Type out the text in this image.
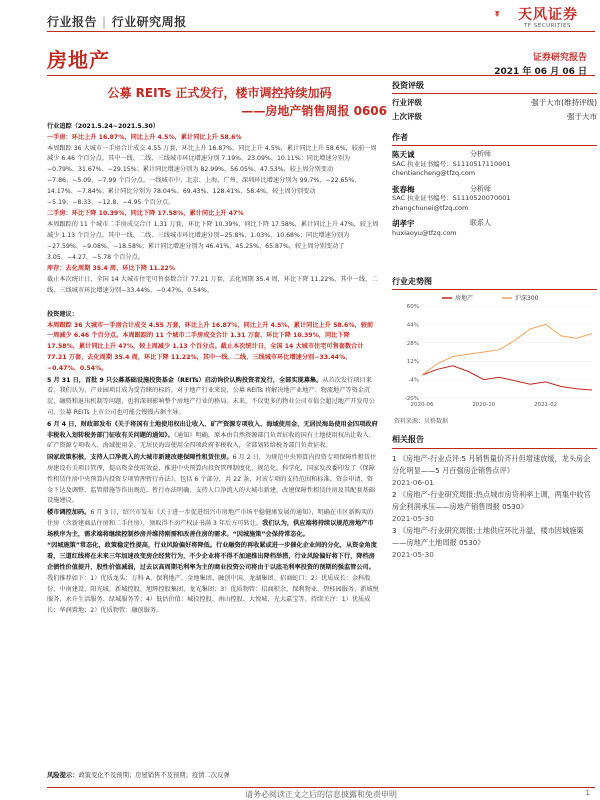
行业报告 | 行业研究周报	天风证券
TF SECURITIES
房地产	证券研究报告
2021 年 06 月 06 日
公募 REITs 正式发行，楼市调控持续加码
——房地产销售周报 0606
行业追踪（2021.5.24~2021.5.30）
一手房：环比上升 16.87%，同比上升 4.5%，累计同比上升 58.6%
本周跟踪 36 大城市一手房合计成交 4.55 万套，环比上升 16.87%，同比上升 4.5%，累计同比上升 58.6%，较前一周减少 6.46 个百分点。其中一线、二线、三线城市环比增速分别 7.19%、23.09%、10.11%；同比增速分别为−0.79%、31.67%、−29.15%；累计同比增速分别为 82.99%、56.05%、47.53%，较上周分别变动−7.86、−5.09、−7.99 个百分点。一线城市中，北京、上海、广州、深圳环比增速分别为 99.7%、−22.65%、14.17%、−7.84%；累计同比分别为 78.04%、69.43%、128.41%、58.4%，较上周分别变动−5.19、−8.33、−12.8、−4.95 个百分点。
二手房：环比下降 10.39%，同比下降 17.58%，累计同比上升 47%
本周跟踪的 11 个城市二手房成交合计 1.31 万套，环比下降 10.39%，同比下降 17.58%，累计同比上升 47%，较上周减少 1.13 个百分点。其中一线、二线、三线城市环比增速分别−25.8%、1.03%、10.68%；同比增速分别为−27.59%、−9.08%、−18.58%；累计同比增速分别为 46.41%、45.25%、65.87%，较上周分别变动了 3.05、−4.27、−5.78 个百分点。
库存：去化周期 35.4 周，环比下降 11.22%
截止本次统计日，全国 14 大城市住宅可售套数合计 77.21 万套，去化周期 35.4 周，环比下降 11.22%，其中一线、二线、三线城市环比增速分别−33.44%、−0.47%、0.54%。
投资建议：
本周跟踪 36 大城市一手房合计成交 4.55 万套，环比上升 16.87%，同比上升 4.5%，累计同比上升 58.6%，较前一周减少 6.46 个百分点。本周跟踪的 11 个城市二手房成交合计 1.31 万套，环比下降 10.39%，同比下降 17.58%，累计同比上升 47%，较上周减少 1.13 个百分点。截止本次统计日，全国 14 大城市住宅可售套数合计 77.21 万套，去化周期 35.4 周，环比下降 11.22%，其中一线、二线、三线城市环比增速分别−33.44%、−0.47%、0.54%。
5 月 31 日，首批 9 只公募基础设施投资基金（REITs）启动询价认购投资者发行，全部实现募集。从首次发行项目来看，我们认为，产业园项目成为受青睐的标的。对于地产行业来说，公募 REITs 将解决地产业地产、物流地产等资金沉淀、融资和退出机制等问题，也将深刻影响整个房地产行业的格局。未来，不仅更多的物业公司市值会超过地产开发母公司，公募 REITs 上市公司也可能会慢慢占据主导。
6 月 4 日，财政部发布《关于将国有土地使用权出让收入、矿产资源专项收入、海域使用金、无居民海岛使用金四项政府非税收入划转税务部门征收有关问题的通知》。《通知》明确，原本由自然资源部门负责征收的国有土地使用权出让收入、矿产资源专项收入、海域使用金、无居民海岛使用金四项政府非税收入，全部划转给税务部门负责征收。
国家政策积极，支持人口净流入的大城市新建改建保障性租赁住房。6 月 2 日，为规范中央预算内投资专项保障性租赁住房建设有关项目管理，提高资金使用效益，推进中央预算内投资管理制度化、规范化、科学化，国家发改委印发了《保障性租赁住房中央预算内投资专项管理暂行办法》，包括 6 个部分，共 22 条，对该专项的支持范围和标准、资金申请、资金下达及调整、监管措施等作出规范。暂行办法明确，支持人口净流入的大城市新建、改建保障性租赁住房及其配套基础设施建设。
楼市调控加码。6 月 3 日，绍兴市发布《关于进一步促进绍兴市房地产市场平稳健康发展的通知》，明确在市区新购买的住房（含新建商品住房和二手住房），须取得不动产权证书满 3 年后方可转让。我们认为，供应端将持续以规范房地产市场秩序为主，需求端将继续控制炒房并维持刚需和改善住房的需求。“因城施策”会保持常态化。
“因城施策”常态化，政策稳定性提高，行业风险偏好将降低。行业融资的再收紧或进一步催化企业间的分化，从资金角度看，三道红线将在未来三年加速改变房企经营行为，不少企业将不得不加速推出降档举措，行业风险偏好将下行，降档房企债性价值提升，股性价值减弱，过去以高周期毛利率为主的商业投资公司将由于以底毛利率投资的预期的强监管公司。我们推荐如下：1）优质龙头：万科 A、保利地产、金地集团、融创中国、龙湖集团、招商蛇口；2）优质成长：金科股份、中南建设、阳光城、新城控股、旭辉控股集团、龙光集团；3）优质物管：招商积余、保利物业、碧桂园服务、新城悦服务、永升生活服务、绿城服务等；4）低估价值：城投控股、南山控股、大悦城、光大嘉宝等。持续关注：1）优质成长：华润置地；2）优质物管：融创服务。
投资评级
行业评级	强于大市(维持评级)
上次评级	强于大市
作者
陈天诚	分析师
SAC 执业证书编号：S1110517110001
chentiancheng@tfzq.com
张春梅	分析师
SAC 执业证书编号：S1110520070001
zhangchunei@tfzq.com
胡孝宇	联系人
huxiaoyu@tfzq.com
行业走势图
60%
44%
28%
12%
-4%
-20%
2020-06	2020-10	2021-02
房地产	沪深300
资料来源：贝格数据
相关报告
1 《房地产-行业点评:5 月销售量价齐升但增速放缓，龙头房企分化明显——5 月百强房企销售点评》
2021-06-01
2 《房地产-行业研究周报:热点城市房贷利率上调，两集中收官房企利润承压——房地产销售周报 0530》
2021-05-30
3 《房地产-行业研究周报:土地供应环比升温，楼市因城施策——房地产土地周报 0530》
2021-05-30
风险提示：政策变化不及预期；房屋销售不及预期；疫情二次反弹
请务必阅读正文之后的信息披露和免责申明	1
